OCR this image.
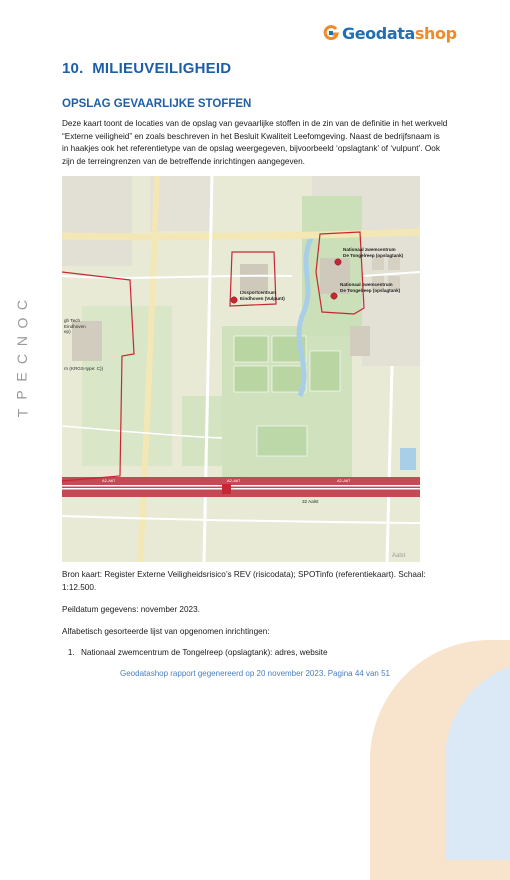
Geodatashop
C
O
N
C
E
P
T
10. MILIEUVEILIGHEID
OPSLAG GEVAARLIJKE STOFFEN

Deze kaart toont de locaties van de opslag van gevaarlijke stoffen in de zin van de definitie in het werkveld “Externe veiligheid” en zoals beschreven in het Besluit Kwaliteit Leefomgeving. Naast de bedrijfsnaam is in haakjes ook het referentietype van de opslag weergegeven, bijvoorbeeld ‘opslagtank’ of ‘vulpunt’. Ook zijn de terreingrenzen van de betreffende inrichtingen aangegeven.

Nationaal zwemcentrum
De Tongelreep (opslagtank)
Nationaal zwemcentrum
De Tongelreep (opslagtank)
IJssportcentrum
Eindhoven (Vulpunt)
gh Tech
Eindhoven
ep)
rn (KRGS-type: C))
A2-A67	A2-A67	A2-A67
32 Aalst
Aalst

Bron kaart: Register Externe Veiligheidsrisico’s REV (risicodata); SPOTinfo (referentiekaart). Schaal: 1:12.500.

Peildatum gegevens: november 2023.

Alfabetisch gesorteerde lijst van opgenomen inrichtingen:

1. Nationaal zwemcentrum de Tongelreep (opslagtank): adres, website
Geodatashop rapport gegenereerd op 20 november 2023. Pagina 44 van 51
